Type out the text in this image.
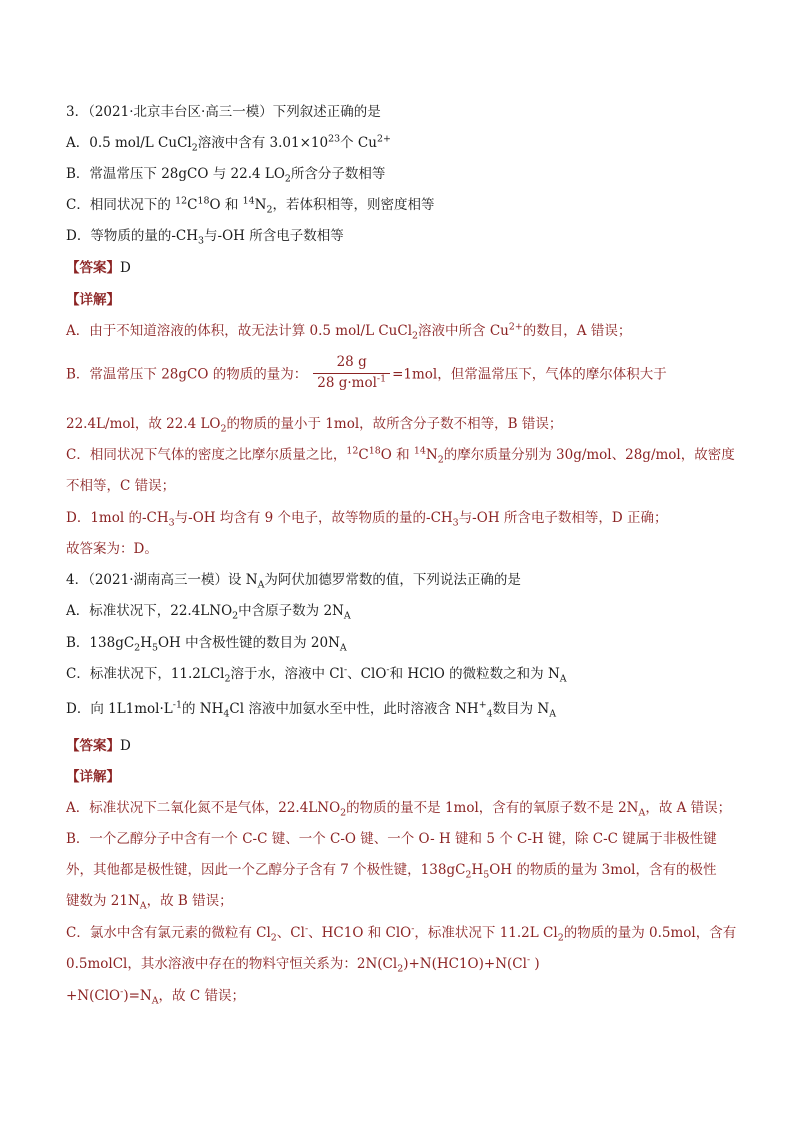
3．（2021·北京丰台区·高三一模）下列叙述正确的是
A．0.5 mol/L CuCl$_2$溶液中含有 $3.01\times 10^{23}$个 $Cu^{2+}$
B．常温常压下 28gCO 与 22.4 $LO_2$所含分子数相等
C．相同状况下的 $^{12}C^{18}O$ 和 $^{14}N_2$，若体积相等，则密度相等
D．等物质的量的$-CH_3$与-OH 所含电子数相等
【答案】D
【详解】
A．由于不知道溶液的体积，故无法计算 0.5 mol/L CuCl$_2$溶液中所含 $Cu^{2+}$的数目，A 错误；
B．常温常压下 28gCO 的物质的量为： $\frac{28 g}{28 g\cdot mol^{-1}} =1mol$，但常温常压下，气体的摩尔体积大于
22.4L/mol，故 22.4 $LO_2$的物质的量小于 1mol，故所含分子数不相等，B 错误；
C．相同状况下气体的密度之比摩尔质量之比，$^{12}C^{18}O$ 和 $^{14}N_2$的摩尔质量分别为 30g/mol、28g/mol，故密度
不相等，C 错误；
D．1mol 的$-CH_3$与-OH 均含有 9 个电子，故等物质的量的$-CH_3$与-OH 所含电子数相等，D 正确；
故答案为：D。
4．（2021·湖南高三一模）设 $N_A$为阿伏加德罗常数的值，下列说法正确的是
A．标准状况下，$22.4LNO_2$中含原子数为 $2N_A$
B．$138gC_2H_5OH$ 中含极性键的数目为 $20N_A$
C．标准状况下，11.2LCl$_2$溶于水，溶液中 Cl-、ClO-和 HClO 的微粒数之和为 $N_A$
D．向 $1L1mol\cdot L^{-1}$的 $NH_4Cl$ 溶液中加氨水至中性，此时溶液含 $NH^+_4$数目为 $N_A$
【答案】D
【详解】
A．标准状况下二氧化氮不是气体，$22.4LNO_2$的物质的量不是 1mol，含有的氧原子数不是 $2N_A$，故 A 错误；
B．一个乙醇分子中含有一个 C-C 键、一个 C-O 键、一个 O- H 键和 5 个 C-H 键，除 C-C 键属于非极性键
外，其他都是极性键，因此一个乙醇分子含有 7 个极性键，$138gC_2H_5OH$ 的物质的量为 3mol，含有的极性
键数为 $21N_A$，故 B 错误；
C．氯水中含有氯元素的微粒有 $Cl_2$、Cl-、HC1O 和 ClO-，标准状况下 11.2L $Cl_2$的物质的量为 0.5mol，含有
0.5molCl，其水溶液中存在的物料守恒关系为：$2N(Cl_2)+N(HC1O)+N(Cl^-$ )
$+N(ClO^-)=N_A$，故 C 错误；
